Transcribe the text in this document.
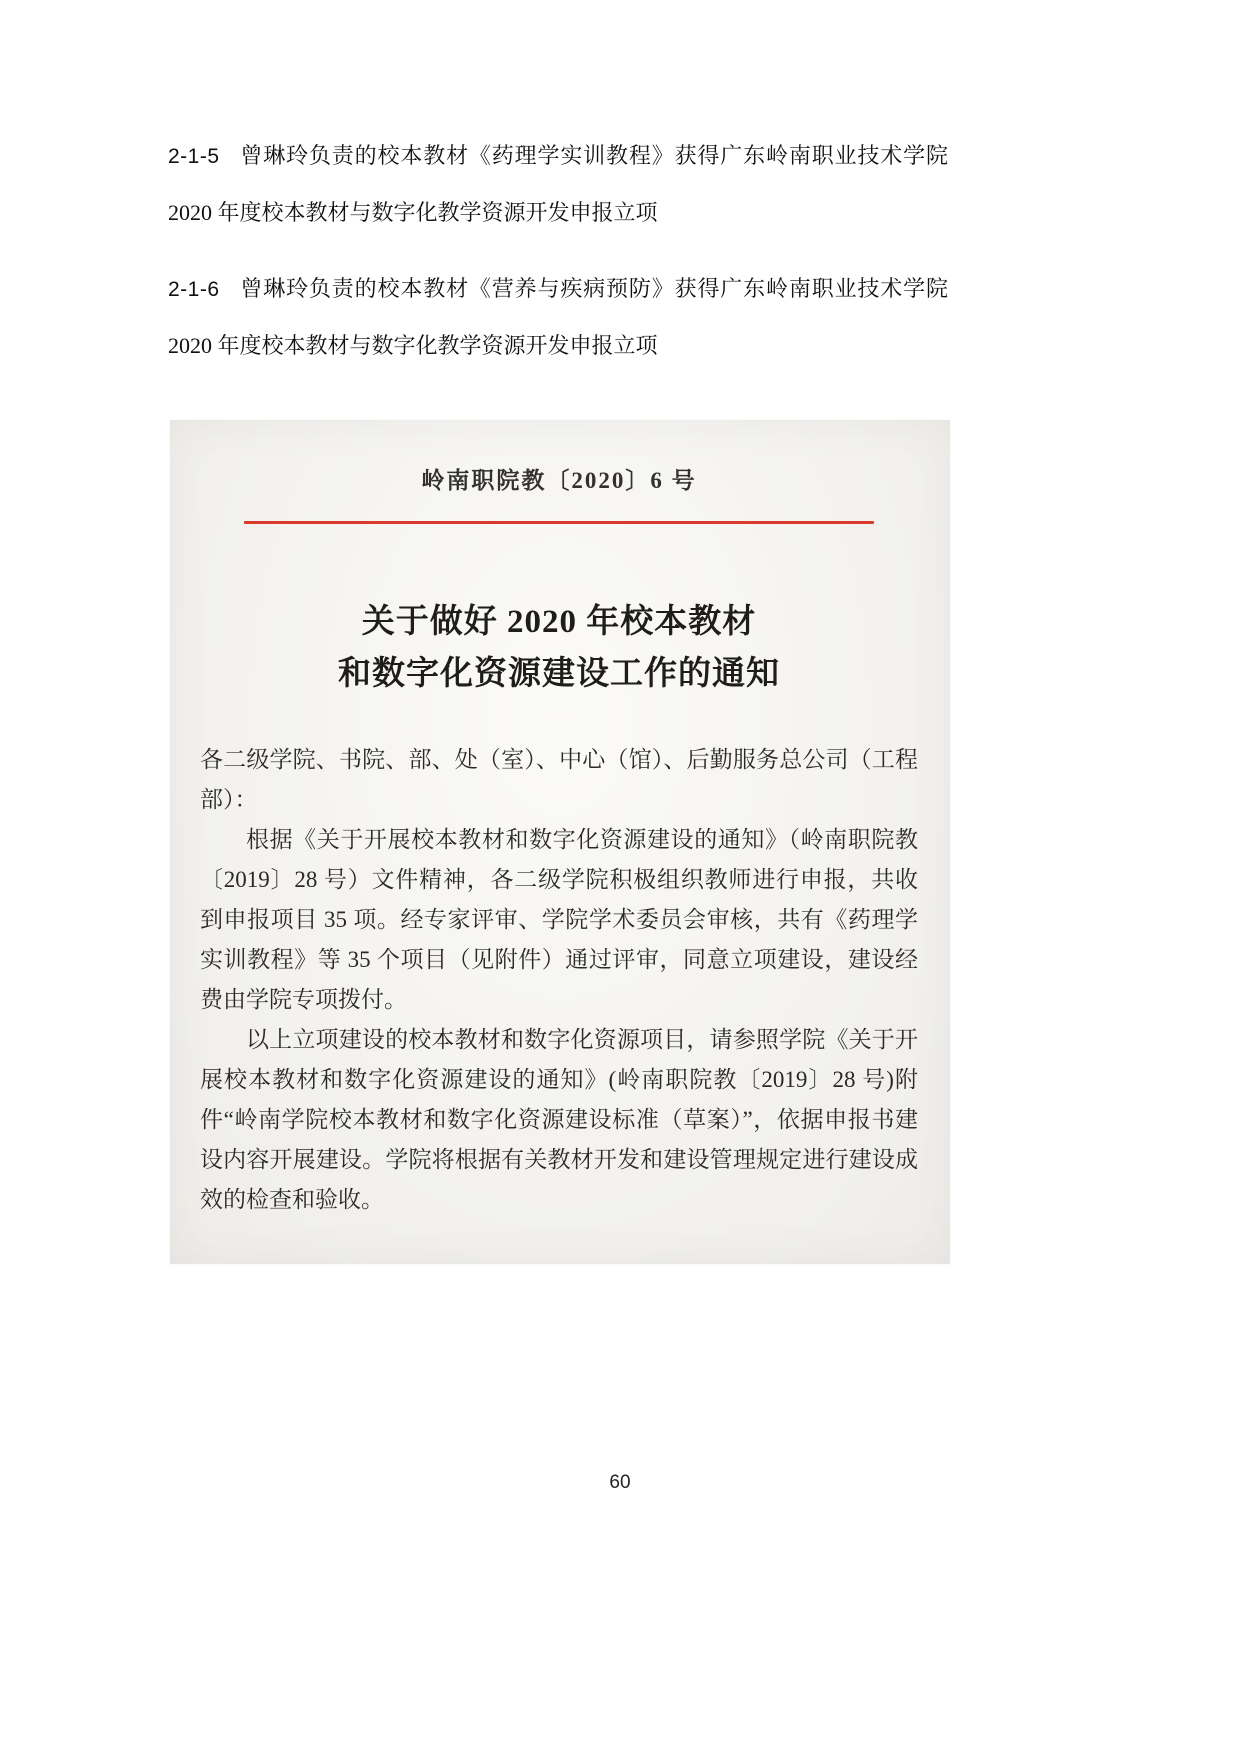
2-1-5 曾琳玲负责的校本教材《药理学实训教程》获得广东岭南职业技术学院 2020 年度校本教材与数字化教学资源开发申报立项

2-1-6 曾琳玲负责的校本教材《营养与疾病预防》获得广东岭南职业技术学院 2020 年度校本教材与数字化教学资源开发申报立项

岭南职院教〔2020〕6 号
关于做好 2020 年校本教材
和数字化资源建设工作的通知

各二级学院、书院、部、处（室）、中心（馆）、后勤服务总公司（工程部）：

根据《关于开展校本教材和数字化资源建设的通知》（岭南职院教〔2019〕28 号）文件精神，各二级学院积极组织教师进行申报，共收到申报项目 35 项。经专家评审、学院学术委员会审核，共有《药理学实训教程》等 35 个项目（见附件）通过评审，同意立项建设，建设经费由学院专项拨付。

以上立项建设的校本教材和数字化资源项目，请参照学院《关于开展校本教材和数字化资源建设的通知》(岭南职院教〔2019〕28 号)附件“岭南学院校本教材和数字化资源建设标准（草案）”，依据申报书建设内容开展建设。学院将根据有关教材开发和建设管理规定进行建设成效的检查和验收。

60
